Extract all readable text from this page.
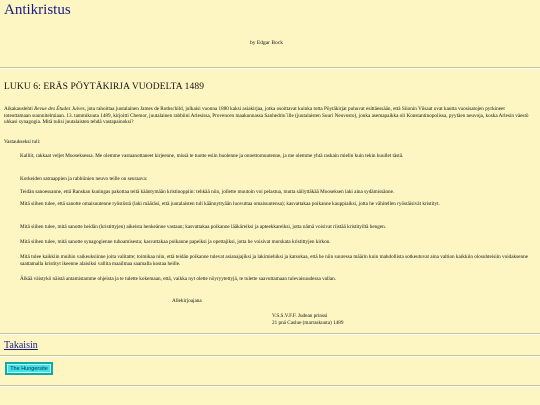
Antikristus
by Edgar Bock
LUKU 6: ERÄS PÖYTÄKIRJA VUODELTA 1489

Aikakauslehti Revue des Études Juives, jota rahoittaa juutalainen James de Rothschild, julkaisi vuonna 1880 kaksi asiakirjaa, jotka osoittavat kuinka totta Pöytäkirjat puhuvat esittäessään, että Siionin Viisaat ovat kautta vuosisatojen pyrkineet toteuttamaan suunnitelmiaan. 13. tammikuuta 1489, kirjoitti Chemor, juutalainen rabbiini Arlesissa, Provencen maakunnassa Sanhedrin´ille (juutalaisten Suuri Neuvosto), jonka asemapaikka oli Konstantinopolissa, pyytäen neuvoja, koska Arlesin väestö uhkasi synagogia. Mitä tulisi juutalaisten tehdä vastapainoksi?

Vastaukseksi tuli:

Kalliit, rakkaat veljet Mooseksessa. Me olemme vastaanottaneet kirjeenne, missä te tuotte esiin huolenne ja onnettomuutenne, ja me olemme yhtä raskain mielin kuin tekin kuullet tästä.

Korkeiden satraappien ja rabbiinien neuvo teille on seuraava:

Teidän sanoessanne, että Ranskan kuningas pakottaa teitä kääntymään kristinoppiin: tehkää niin, jollette muutoin voi pelastua, mutta säilyttäkää Mooseksen laki aina sydämissänne.

Mitä siihen tulee, että sanotte omaisuutenne ryöstöstä (laki määräsi, että juutalaisten tuli käännyttyään luovuttaa omaisuutensa); kasvattakaa poikanne kauppiaiksi, jotta he vähitellen ryöstäisivät kristityt.

Mitä siihen tulee, mitä sanotte heidän (kristittyjen) aikeista henkeänne vastaan; kasvattakaa poikanne lääkäreiksi ja apteekkareiksi, jotta nämä voisivat riistää kristityiltä hengen.

Mitä siihen tulee, mitä sanotte synagogienne tuhoamisesta; kasvattakaa poikanne papeiksi ja opettajiksi, jotta he voisivat murskata kristittyjen kirkon.

Mitä tulee kaikkiin muihin vaikeuksiinne joita valitatte; toimikaa niin, että teidän poikanne tulevat asianajajiksi ja lakimiehiksi ja katsokaa, että he niin suuressa määrin kuin mahdollista sotkeutuvat aina valtion kaikkiin olosuhteisiin voidaksenne saattamalla kristityt ikeenne alaisiksi vallita maailmaa saamalla kostaa heille.

Älkää väistykö näistä antamistamme ohjeista ja te tulette kokemaan, että, vaikka nyt olette nöyryytettyjä, te tulette saavuttamaan tulevaisuudessa vallan.

Allekirjoajana
V.S.S.V.F.F. Judean prinssi
21 pnä Caslue (marraskuuta) 1489
Takaisin
The Hungersite
